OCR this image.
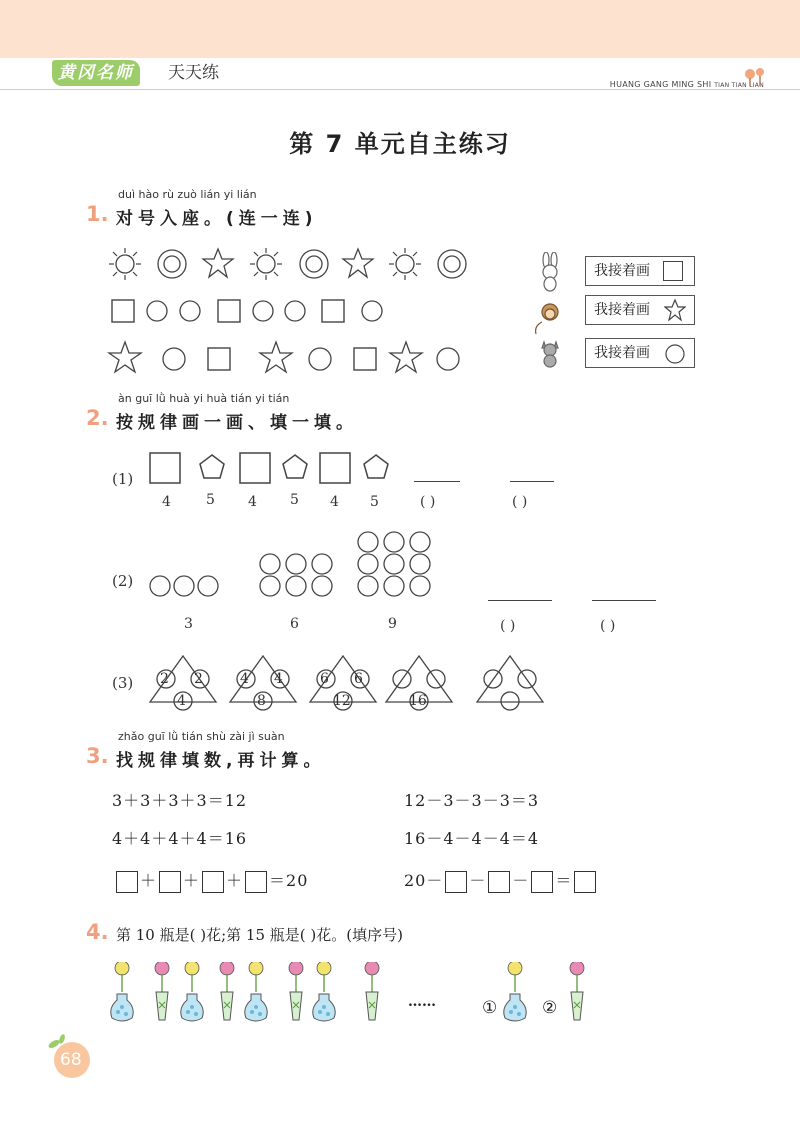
黄冈名师	天天练
HUANG GANG MING SHI TIAN TIAN LIAN
第 7 单元自主练习
duì hào rù zuò lián yi lián
1. 对号入座。(连一连)
我接着画
我接着画
我接着画
àn guī lǜ huà yi huà tián yi tián
2. 按规律画一画、填一填。
(1)
4	5 4 5 4 5	( )	( )
(2)
3	6	9	( )	( )
(3) 2 2
4
4 4
8
6 6
12	16
zhǎo guī lǜ tián shù zài jì suàn
3. 找规律填数,再计算。
3＋3＋3＋3＝12	12－3－3－3＝3
4＋4＋4＋4＝16	16－4－4－4＝4
＋ ＋ ＋ ＝20	20－ － － ＝
4. 第 10 瓶是( )花;第 15 瓶是( )花。(填序号)
……	①	②
68
